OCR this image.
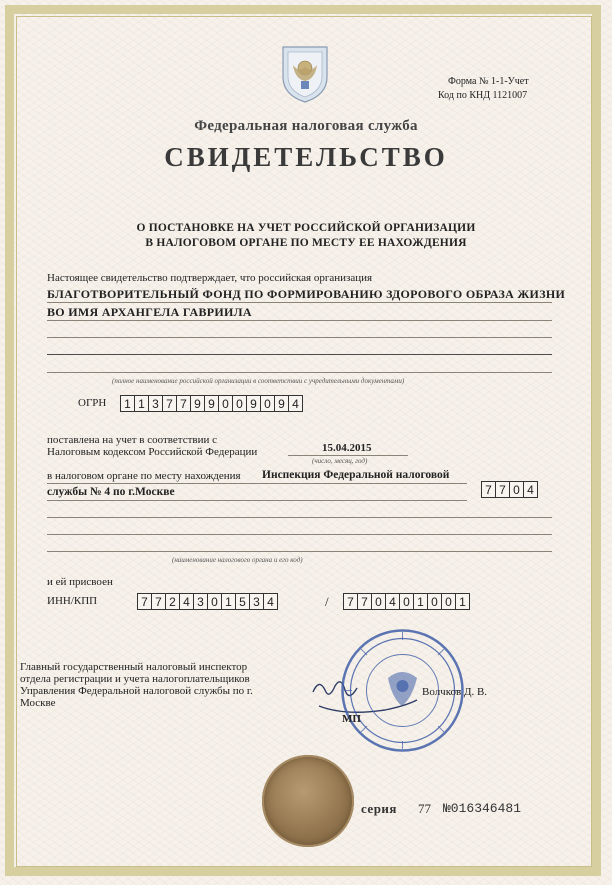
Форма № 1-1-Учет
Код по КНД 1121007
Федеральная налоговая служба
СВИДЕТЕЛЬСТВО
О ПОСТАНОВКЕ НА УЧЕТ РОССИЙСКОЙ ОРГАНИЗАЦИИ
В НАЛОГОВОМ ОРГАНЕ ПО МЕСТУ ЕЕ НАХОЖДЕНИЯ
Настоящее свидетельство подтверждает, что российская организация
БЛАГОТВОРИТЕЛЬНЫЙ ФОНД ПО ФОРМИРОВАНИЮ ЗДОРОВОГО ОБРАЗА ЖИЗНИ
ВО ИМЯ АРХАНГЕЛА ГАВРИИЛА
(полное наименование российской организации в соответствии с учредительными документами)
ОГРН	1 1 3 7 7 9 9 0 0 9 0 9 4
поставлена на учет в соответствии с
Налоговым кодексом Российской Федерации	15.04.2015
(число, месяц, год)
в налоговом органе по месту нахождения Инспекция Федеральной налоговой
службы № 4 по г.Москве	7 7 0 4
(наименование налогового органа и его код)
и ей присвоен
ИНН/КПП	7 7 2 4 3 0 1 5 3 4	/	7 7 0 4 0 1 0 0 1
Главный государственный налоговый инспектор
отдела регистрации и учета налогоплательщиков
Управления Федеральной налоговой службы по г.
Москве
Волчков Д. В.
МП
серия 77 №016346481
